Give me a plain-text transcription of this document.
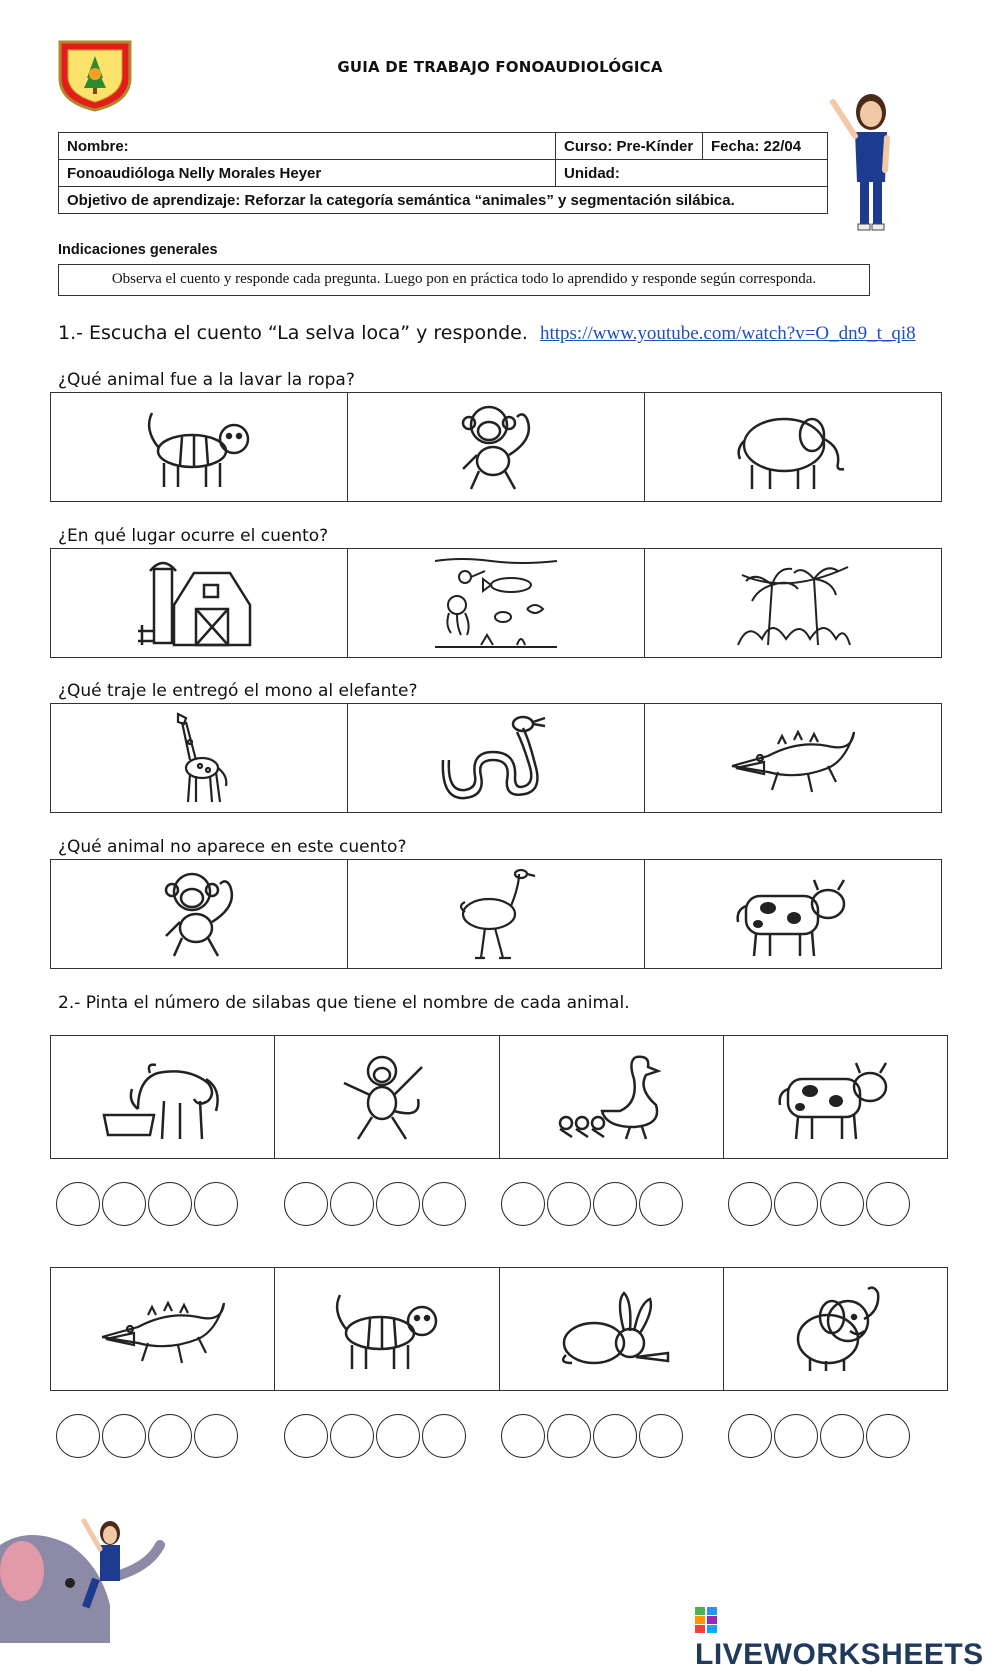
GUIA DE TRABAJO FONOAUDIOLÓGICA
Nombre:	Curso: Pre-Kínder	Fecha: 22/04
Fonoaudióloga Nelly Morales Heyer	Unidad:	
Objetivo de aprendizaje: Reforzar la categoría semántica “animales” y segmentación silábica.		
Indicaciones generales
Observa el cuento y responde cada pregunta. Luego pon en práctica todo lo aprendido y responde según corresponda.
1.- Escucha el cuento “La selva loca” y responde. https://www.youtube.com/watch?v=O_dn9_t_qi8
¿Qué animal fue a la lavar la ropa?
¿En qué lugar ocurre el cuento?
¿Qué traje le entregó el mono al elefante?
¿Qué animal no aparece en este cuento?
2.- Pinta el número de silabas que tiene el nombre de cada animal.
LIVEWORKSHEETS
